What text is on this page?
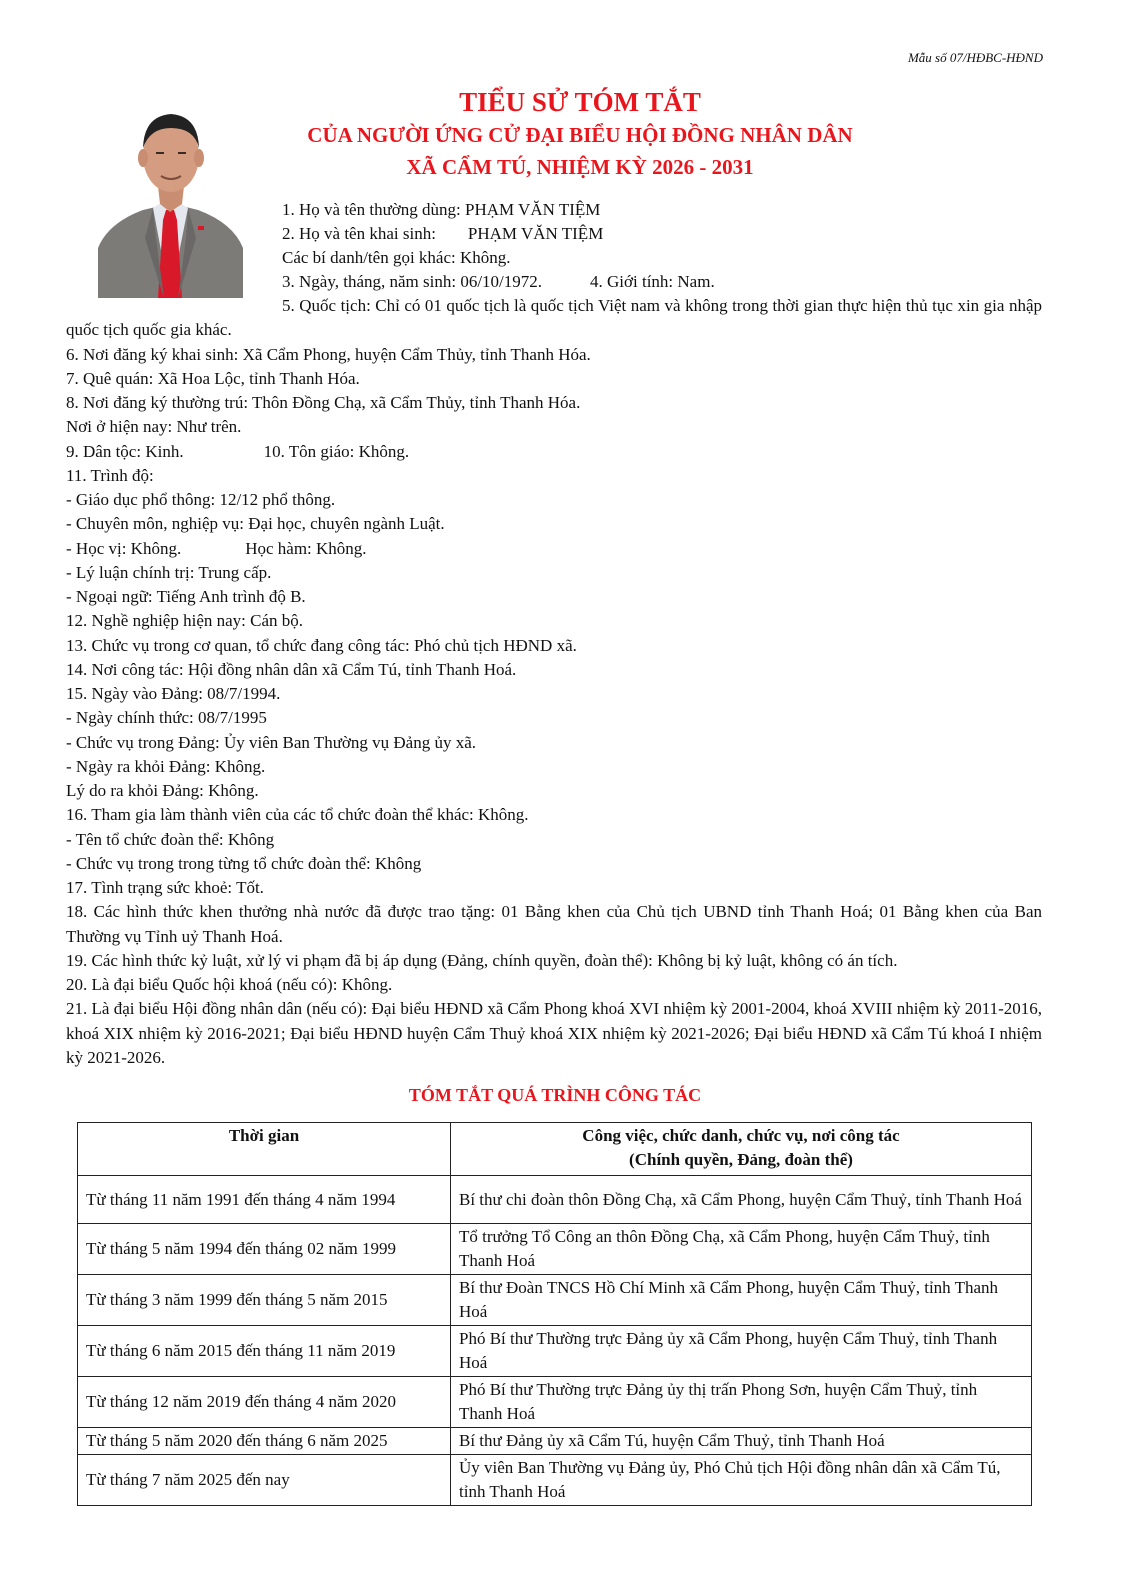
Mẫu số 07/HĐBC-HĐND
TIỂU SỬ TÓM TẮT
CỦA NGƯỜI ỨNG CỬ ĐẠI BIỂU HỘI ĐỒNG NHÂN DÂN
XÃ CẨM TÚ, NHIỆM KỲ 2026 - 2031
1. Họ và tên thường dùng: PHẠM VĂN TIỆM
2. Họ và tên khai sinh: PHẠM VĂN TIỆM
Các bí danh/tên gọi khác: Không.
3. Ngày, tháng, năm sinh: 06/10/1972.	4. Giới tính: Nam.

5. Quốc tịch: Chỉ có 01 quốc tịch là quốc tịch Việt nam và không trong thời gian thực hiện thủ tục xin gia nhập quốc tịch quốc gia khác.

6. Nơi đăng ký khai sinh: Xã Cẩm Phong, huyện Cẩm Thủy, tỉnh Thanh Hóa.

7. Quê quán: Xã Hoa Lộc, tỉnh Thanh Hóa.

8. Nơi đăng ký thường trú: Thôn Đồng Chạ, xã Cẩm Thủy, tỉnh Thanh Hóa.

Nơi ở hiện nay: Như trên.

9. Dân tộc: Kinh.	10. Tôn giáo: Không.

11. Trình độ:

- Giáo dục phổ thông: 12/12 phổ thông.

- Chuyên môn, nghiệp vụ: Đại học, chuyên ngành Luật.

- Học vị: Không.	Học hàm: Không.

- Lý luận chính trị: Trung cấp.

- Ngoại ngữ: Tiếng Anh trình độ B.

12. Nghề nghiệp hiện nay: Cán bộ.

13. Chức vụ trong cơ quan, tổ chức đang công tác: Phó chủ tịch HĐND xã.

14. Nơi công tác: Hội đồng nhân dân xã Cẩm Tú, tỉnh Thanh Hoá.

15. Ngày vào Đảng: 08/7/1994.

- Ngày chính thức: 08/7/1995

- Chức vụ trong Đảng: Ủy viên Ban Thường vụ Đảng ủy xã.

- Ngày ra khỏi Đảng: Không.

Lý do ra khỏi Đảng: Không.

16. Tham gia làm thành viên của các tổ chức đoàn thể khác: Không.

- Tên tổ chức đoàn thể: Không

- Chức vụ trong trong từng tổ chức đoàn thể: Không

17. Tình trạng sức khoẻ: Tốt.

18. Các hình thức khen thưởng nhà nước đã được trao tặng: 01 Bằng khen của Chủ tịch UBND tỉnh Thanh Hoá; 01 Bằng khen của Ban Thường vụ Tỉnh uỷ Thanh Hoá.

19. Các hình thức kỷ luật, xử lý vi phạm đã bị áp dụng (Đảng, chính quyền, đoàn thể): Không bị kỷ luật, không có án tích.

20. Là đại biểu Quốc hội khoá (nếu có): Không.

21. Là đại biểu Hội đồng nhân dân (nếu có): Đại biểu HĐND xã Cẩm Phong khoá XVI nhiệm kỳ 2001-2004, khoá XVIII nhiệm kỳ 2011-2016, khoá XIX nhiệm kỳ 2016-2021; Đại biểu HĐND huyện Cẩm Thuỷ khoá XIX nhiệm kỳ 2021-2026; Đại biểu HĐND xã Cẩm Tú khoá I nhiệm kỳ 2021-2026.

TÓM TẮT QUÁ TRÌNH CÔNG TÁC
Thời gian	Công việc, chức danh, chức vụ, nơi công tác
(Chính quyền, Đảng, đoàn thể)

Từ tháng 11 năm 1991 đến tháng 4 năm 1994	Bí thư chi đoàn thôn Đồng Chạ, xã Cẩm Phong, huyện Cẩm Thuỷ, tỉnh Thanh Hoá
Từ tháng 5 năm 1994 đến tháng 02 năm 1999	Tổ trưởng Tổ Công an thôn Đồng Chạ, xã Cẩm Phong, huyện Cẩm Thuỷ, tỉnh Thanh Hoá
Từ tháng 3 năm 1999 đến tháng 5 năm 2015	Bí thư Đoàn TNCS Hồ Chí Minh xã Cẩm Phong, huyện Cẩm Thuỷ, tỉnh Thanh Hoá
Từ tháng 6 năm 2015 đến tháng 11 năm 2019	Phó Bí thư Thường trực Đảng ủy xã Cẩm Phong, huyện Cẩm Thuỷ, tỉnh Thanh Hoá
Từ tháng 12 năm 2019 đến tháng 4 năm 2020	Phó Bí thư Thường trực Đảng ủy thị trấn Phong Sơn, huyện Cẩm Thuỷ, tỉnh Thanh Hoá
Từ tháng 5 năm 2020 đến tháng 6 năm 2025	Bí thư Đảng ủy xã Cẩm Tú, huyện Cẩm Thuỷ, tỉnh Thanh Hoá
Từ tháng 7 năm 2025 đến nay	Ủy viên Ban Thường vụ Đảng ủy, Phó Chủ tịch Hội đồng nhân dân xã Cẩm Tú, tỉnh Thanh Hoá
